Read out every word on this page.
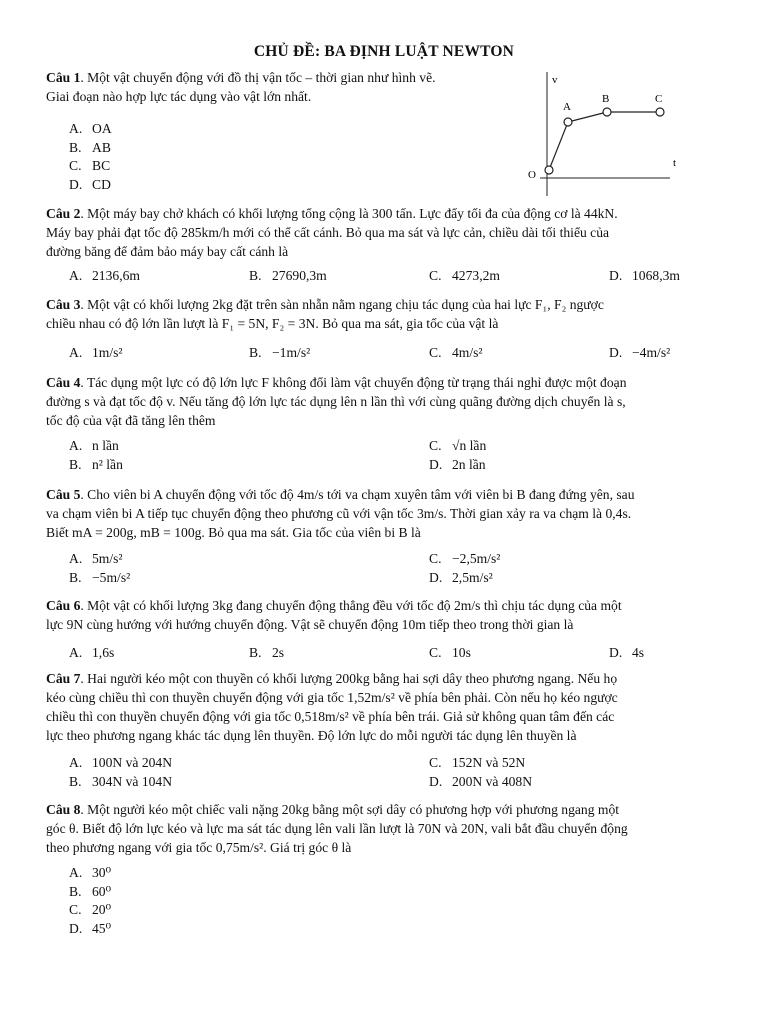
CHỦ ĐỀ: BA ĐỊNH LUẬT NEWTON
Câu 1. Một vật chuyển động với đồ thị vận tốc – thời gian như hình vẽ.
Giai đoạn nào hợp lực tác dụng vào vật lớn nhất.
A. OA
B. AB
C. BC
D. CD
Câu 2. Một máy bay chở khách có khối lượng tổng cộng là 300 tấn. Lực đẩy tối đa của động cơ là 44kN.
Máy bay phải đạt tốc độ 285km/h mới có thể cất cánh. Bỏ qua ma sát và lực cản, chiều dài tối thiểu của
đường băng để đảm bảo máy bay cất cánh là
A. 2136,6m	B. 27690,3m	C. 4273,2m	D. 1068,3m
Câu 3. Một vật có khối lượng 2kg đặt trên sàn nhẵn nằm ngang chịu tác dụng của hai lực F₁, F₂ ngược
chiều nhau có độ lớn lần lượt là F₁ = 5N, F₂ = 3N. Bỏ qua ma sát, gia tốc của vật là
A. 1m/s²	B. −1m/s²	C. 4m/s²	D. −4m/s²
Câu 4. Tác dụng một lực có độ lớn lực F không đổi làm vật chuyển động từ trạng thái nghỉ được một đoạn
đường s và đạt tốc độ v. Nếu tăng độ lớn lực tác dụng lên n lần thì với cùng quãng đường dịch chuyển là s,
tốc độ của vật đã tăng lên thêm
A. n lần
B. n² lần
C. √n lần
D. 2n lần
Câu 5. Cho viên bi A chuyển động với tốc độ 4m/s tới va chạm xuyên tâm với viên bi B đang đứng yên, sau
va chạm viên bi A tiếp tục chuyển động theo phương cũ với vận tốc 3m/s. Thời gian xảy ra va chạm là 0,4s.
Biết mA = 200g, mB = 100g. Bỏ qua ma sát. Gia tốc của viên bi B là
A. 5m/s²
B. −5m/s²
C. −2,5m/s²
D. 2,5m/s²
Câu 6. Một vật có khối lượng 3kg đang chuyển động thẳng đều với tốc độ 2m/s thì chịu tác dụng của một
lực 9N cùng hướng với hướng chuyển động. Vật sẽ chuyển động 10m tiếp theo trong thời gian là
A. 1,6s	B. 2s	C. 10s	D. 4s
Câu 7. Hai người kéo một con thuyền có khối lượng 200kg bằng hai sợi dây theo phương ngang. Nếu họ
kéo cùng chiều thì con thuyền chuyển động với gia tốc 1,52m/s² về phía bên phải. Còn nếu họ kéo ngược
chiều thì con thuyền chuyển động với gia tốc 0,518m/s² về phía bên trái. Giả sử không quan tâm đến các
lực theo phương ngang khác tác dụng lên thuyền. Độ lớn lực do mỗi người tác dụng lên thuyền là
A. 100N và 204N
B. 304N và 104N
C. 152N và 52N
D. 200N và 408N
Câu 8. Một người kéo một chiếc vali nặng 20kg bằng một sợi dây có phương hợp với phương ngang một
góc θ. Biết độ lớn lực kéo và lực ma sát tác dụng lên vali lần lượt là 70N và 20N, vali bắt đầu chuyển động
theo phương ngang với gia tốc 0,75m/s². Giá trị góc θ là
A. 30⁰
B. 60⁰
C. 20⁰
D. 45⁰
v
t
O
A
B	C
